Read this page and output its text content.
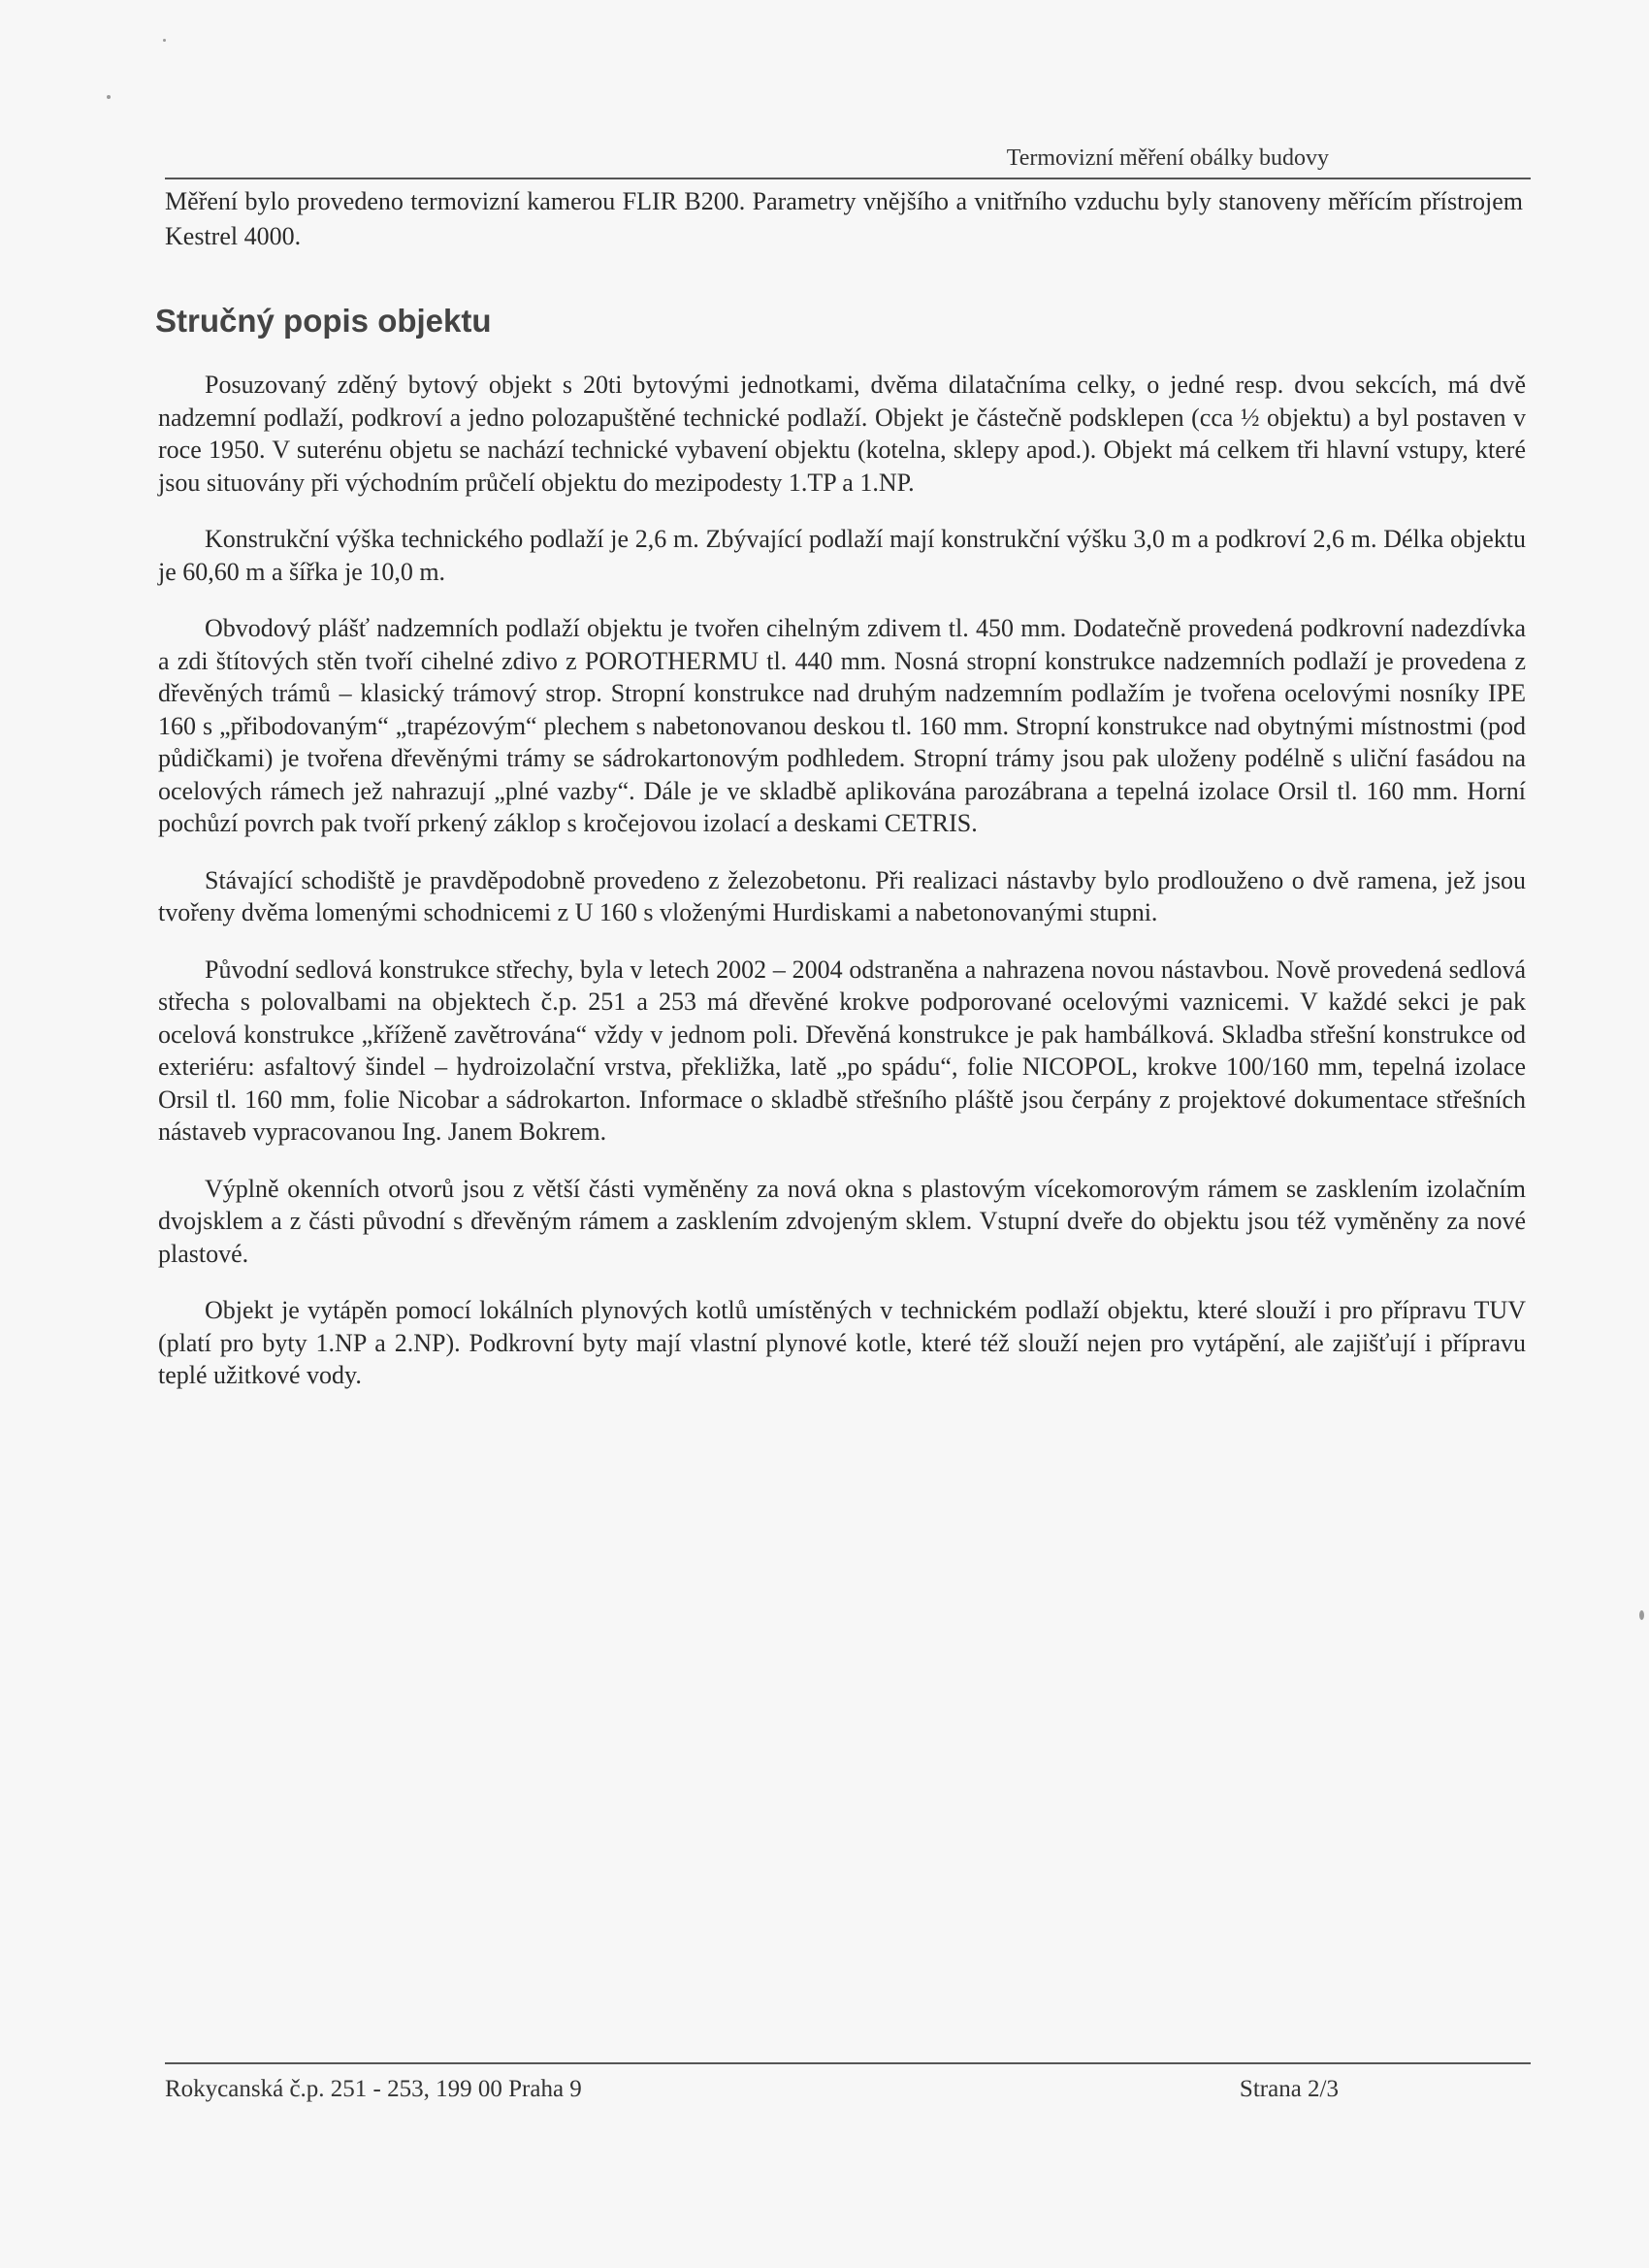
Termovizní měření obálky budovy
Měření bylo provedeno termovizní kamerou FLIR B200. Parametry vnějšího a vnitřního vzduchu byly stanoveny měřícím přístrojem Kestrel 4000.
Stručný popis objektu

Posuzovaný zděný bytový objekt s 20ti bytovými jednotkami, dvěma dilatačníma celky, o jedné resp. dvou sekcích, má dvě nadzemní podlaží, podkroví a jedno polozapuštěné technické podlaží. Objekt je částečně podsklepen (cca ½ objektu) a byl postaven v roce 1950. V suterénu objetu se nachází technické vybavení objektu (kotelna, sklepy apod.). Objekt má celkem tři hlavní vstupy, které jsou situovány při východním průčelí objektu do mezipodesty 1.TP a 1.NP.

Konstrukční výška technického podlaží je 2,6 m. Zbývající podlaží mají konstrukční výšku 3,0 m a podkroví 2,6 m. Délka objektu je 60,60 m a šířka je 10,0 m.

Obvodový plášť nadzemních podlaží objektu je tvořen cihelným zdivem tl. 450 mm. Dodatečně provedená podkrovní nadezdívka a zdi štítových stěn tvoří cihelné zdivo z POROTHERMU tl. 440 mm. Nosná stropní konstrukce nadzemních podlaží je provedena z dřevěných trámů – klasický trámový strop. Stropní konstrukce nad druhým nadzemním podlažím je tvořena ocelovými nosníky IPE 160 s „přibodovaným“ „trapézovým“ plechem s nabetonovanou deskou tl. 160 mm. Stropní konstrukce nad obytnými místnostmi (pod půdičkami) je tvořena dřevěnými trámy se sádrokartonovým podhledem. Stropní trámy jsou pak uloženy podélně s uliční fasádou na ocelových rámech jež nahrazují „plné vazby“. Dále je ve skladbě aplikována parozábrana a tepelná izolace Orsil tl. 160 mm. Horní pochůzí povrch pak tvoří prkený záklop s kročejovou izolací a deskami CETRIS.

Stávající schodiště je pravděpodobně provedeno z železobetonu. Při realizaci nástavby bylo prodlouženo o dvě ramena, jež jsou tvořeny dvěma lomenými schodnicemi z U 160 s vloženými Hurdiskami a nabetonovanými stupni.

Původní sedlová konstrukce střechy, byla v letech 2002 – 2004 odstraněna a nahrazena novou nástavbou. Nově provedená sedlová střecha s polovalbami na objektech č.p. 251 a 253 má dřevěné krokve podporované ocelovými vaznicemi. V každé sekci je pak ocelová konstrukce „kříženě zavětrována“ vždy v jednom poli. Dřevěná konstrukce je pak hambálková. Skladba střešní konstrukce od exteriéru: asfaltový šindel – hydroizolační vrstva, překližka, latě „po spádu“, folie NICOPOL, krokve 100/160 mm, tepelná izolace Orsil tl. 160 mm, folie Nicobar a sádrokarton. Informace o skladbě střešního pláště jsou čerpány z projektové dokumentace střešních nástaveb vypracovanou Ing. Janem Bokrem.

Výplně okenních otvorů jsou z větší části vyměněny za nová okna s plastovým vícekomorovým rámem se zasklením izolačním dvojsklem a z části původní s dřevěným rámem a zasklením zdvojeným sklem. Vstupní dveře do objektu jsou též vyměněny za nové plastové.

Objekt je vytápěn pomocí lokálních plynových kotlů umístěných v technickém podlaží objektu, které slouží i pro přípravu TUV (platí pro byty 1.NP a 2.NP). Podkrovní byty mají vlastní plynové kotle, které též slouží nejen pro vytápění, ale zajišťují i přípravu teplé užitkové vody.

Rokycanská č.p. 251 - 253, 199 00 Praha 9	Strana 2/3
